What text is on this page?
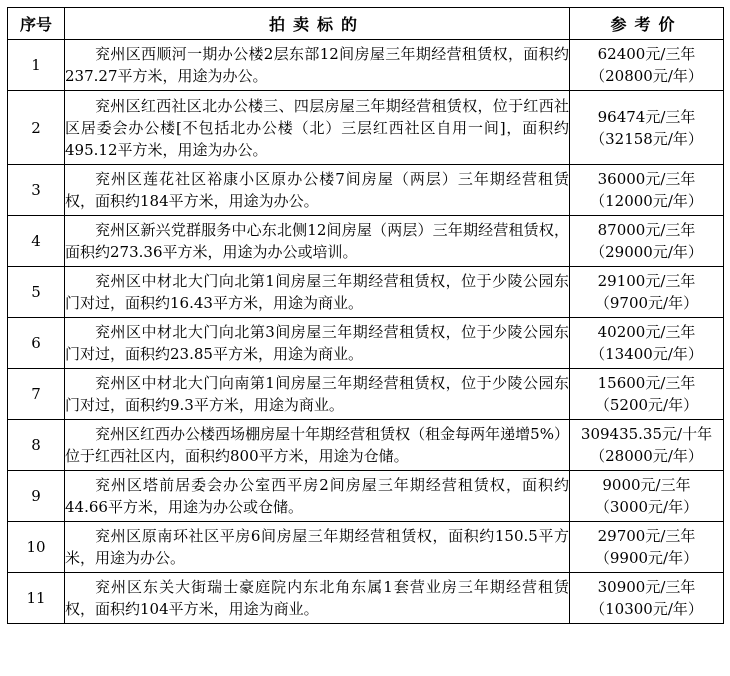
序号	拍卖标的	参考价
1	兖州区西顺河一期办公楼2层东部12间房屋三年期经营租赁权，面积约237.27平方米，用途为办公。	62400元/三年
（20800元/年）

2	兖州区红西社区北办公楼三、四层房屋三年期经营租赁权，位于红西社区居委会办公楼[不包括北办公楼（北）三层红西社区自用一间]，面积约495.12平方米，用途为办公。	96474元/三年
（32158元/年）

3	兖州区莲花社区裕康小区原办公楼7间房屋（两层）三年期经营租赁权，面积约184平方米，用途为办公。	36000元/三年
（12000元/年）

4	兖州区新兴党群服务中心东北侧12间房屋（两层）三年期经营租赁权，面积约273.36平方米，用途为办公或培训。	87000元/三年
（29000元/年）

5	兖州区中材北大门向北第1间房屋三年期经营租赁权，位于少陵公园东门对过，面积约16.43平方米，用途为商业。	29100元/三年
（9700元/年）

6	兖州区中材北大门向北第3间房屋三年期经营租赁权，位于少陵公园东门对过，面积约23.85平方米，用途为商业。	40200元/三年
（13400元/年）

7	兖州区中材北大门向南第1间房屋三年期经营租赁权，位于少陵公园东门对过，面积约9.3平方米，用途为商业。	15600元/三年
（5200元/年）

8	兖州区红西办公楼西场棚房屋十年期经营租赁权（租金每两年递增5%）位于红西社区内，面积约800平方米，用途为仓储。	309435.35元/十年
（28000元/年）

9	兖州区塔前居委会办公室西平房2间房屋三年期经营租赁权，面积约44.66平方米，用途为办公或仓储。	9000元/三年
（3000元/年）

10	兖州区原南环社区平房6间房屋三年期经营租赁权，面积约150.5平方米，用途为办公。	29700元/三年
（9900元/年）

11	兖州区东关大街瑞士豪庭院内东北角东属1套营业房三年期经营租赁权，面积约104平方米，用途为商业。	30900元/三年
（10300元/年）
